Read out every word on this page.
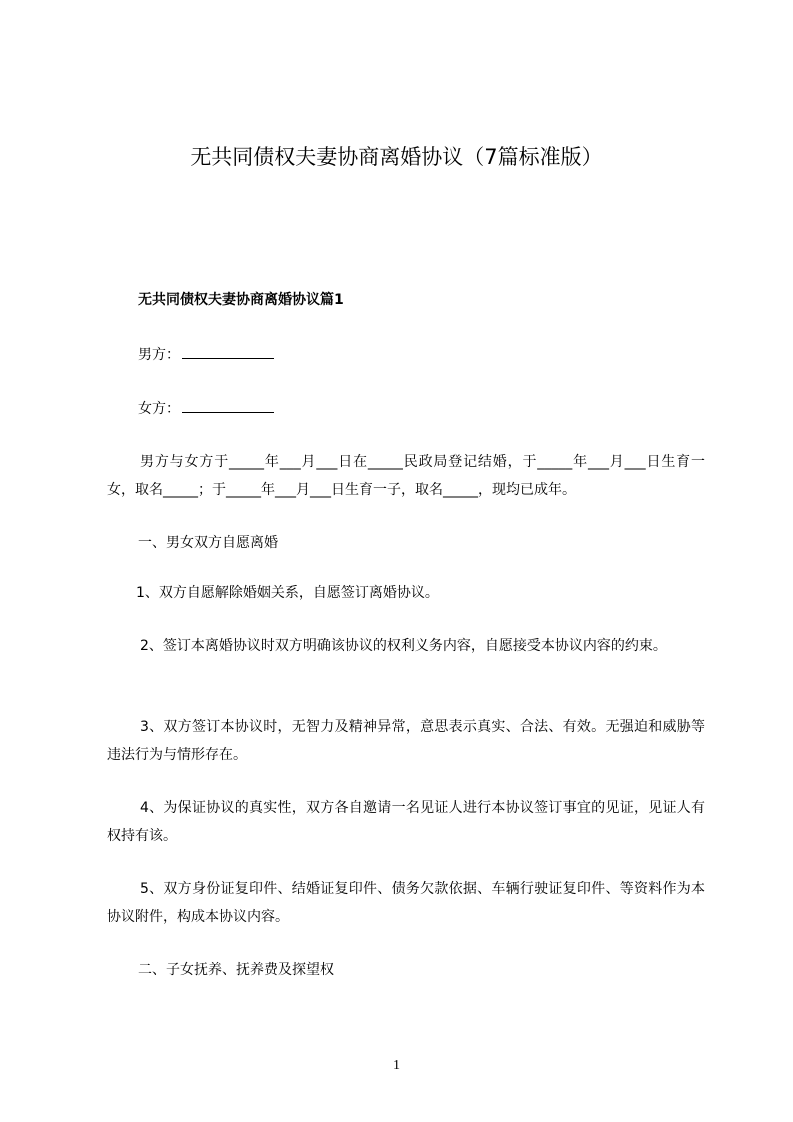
无共同债权夫妻协商离婚协议（7篇标准版）
无共同债权夫妻协商离婚协议篇1
男方：
女方：
男方与女方于_____年___月___日在_____民政局登记结婚，于_____年___月___日生育一女，取名_____；于_____年___月___日生育一子，取名_____，现均已成年。
一、男女双方自愿离婚
1、双方自愿解除婚姻关系，自愿签订离婚协议。
2、签订本离婚协议时双方明确该协议的权利义务内容，自愿接受本协议内容的约束。
3、双方签订本协议时，无智力及精神异常，意思表示真实、合法、有效。无强迫和威胁等违法行为与情形存在。
4、为保证协议的真实性，双方各自邀请一名见证人进行本协议签订事宜的见证，见证人有权持有该。
5、双方身份证复印件、结婚证复印件、债务欠款依据、车辆行驶证复印件、等资料作为本协议附件，构成本协议内容。
二、子女抚养、抚养费及探望权
1
